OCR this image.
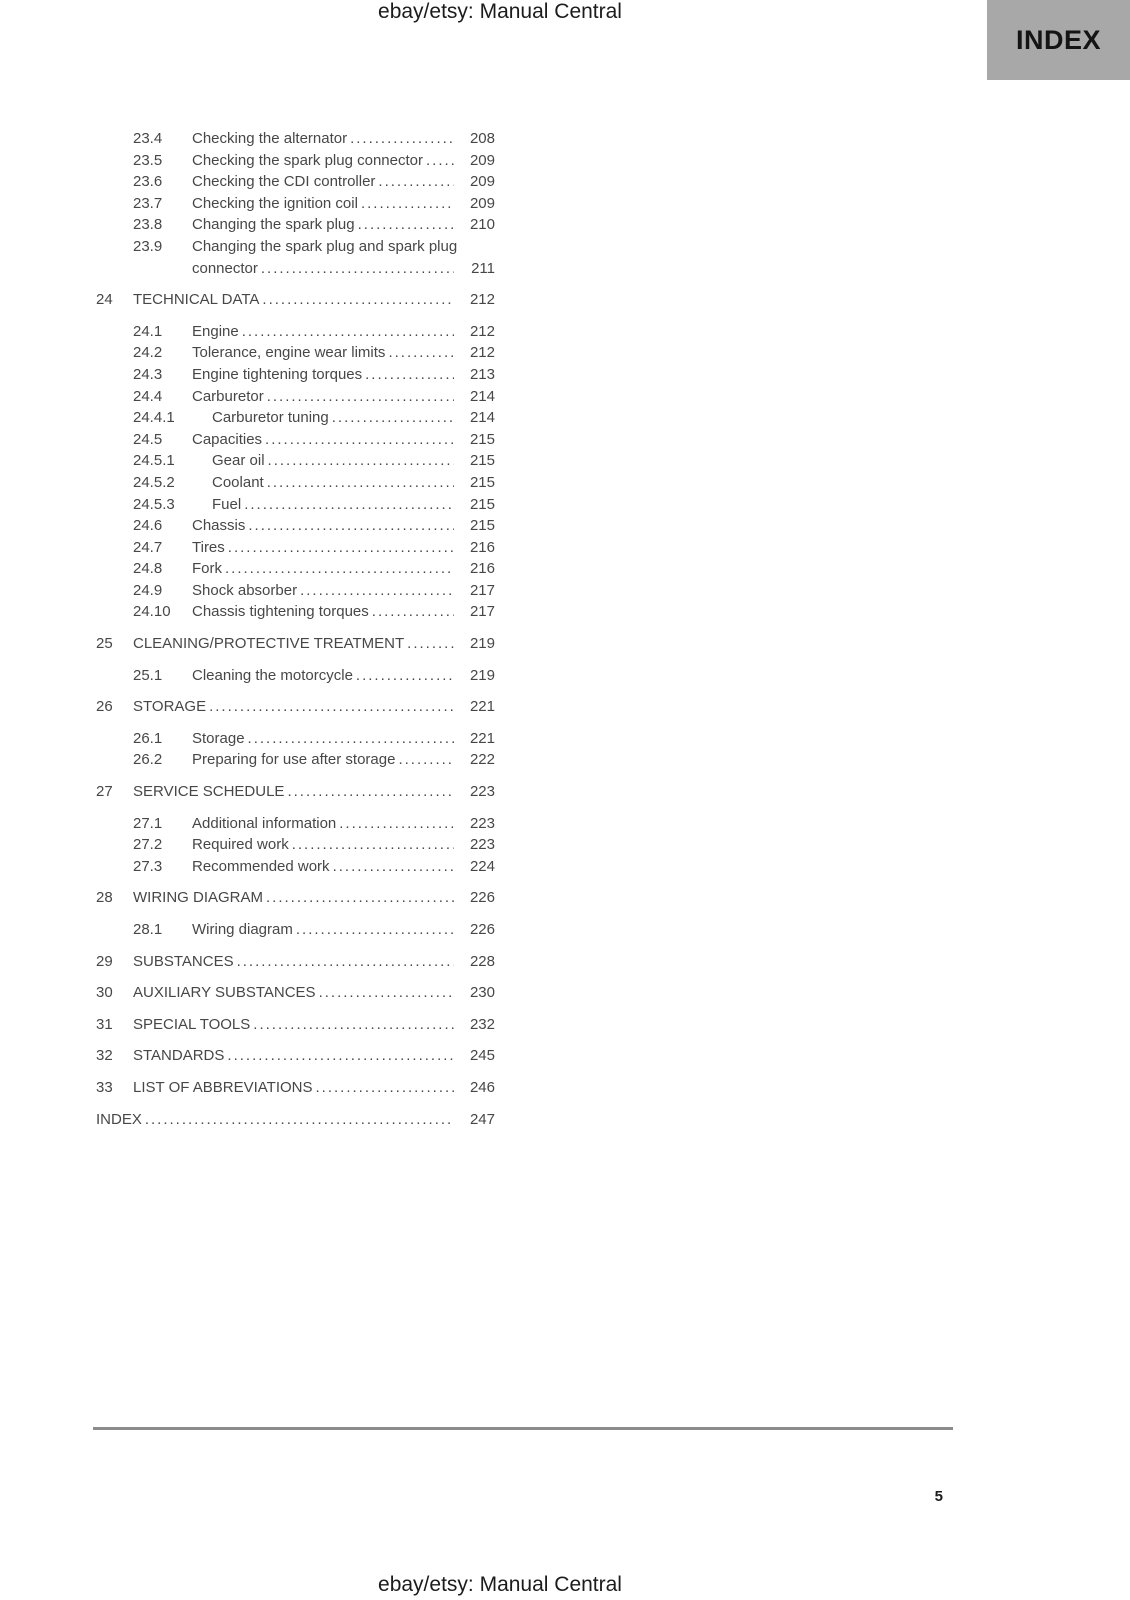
ebay/etsy: Manual Central
INDEX
23.4	Checking the alternator .....	208
23.5	Checking the spark plug connector .....	209
23.6	Checking the CDI controller .....	209
23.7	Checking the ignition coil .....	209
23.8	Changing the spark plug .....	210
23.9	Changing the spark plug and spark plug
connector .....	211
24	TECHNICAL DATA .....	212
24.1	Engine .....	212
24.2	Tolerance, engine wear limits .....	212
24.3	Engine tightening torques .....	213
24.4	Carburetor .....	214
24.4.1	Carburetor tuning .....	214
24.5	Capacities .....	215
24.5.1	Gear oil .....	215
24.5.2	Coolant .....	215
24.5.3	Fuel .....	215
24.6	Chassis .....	215
24.7	Tires .....	216
24.8	Fork .....	216
24.9	Shock absorber .....	217
24.10	Chassis tightening torques .....	217
25	CLEANING/PROTECTIVE TREATMENT .....	219
25.1	Cleaning the motorcycle .....	219
26	STORAGE .....	221
26.1	Storage .....	221
26.2	Preparing for use after storage .....	222
27	SERVICE SCHEDULE .....	223
27.1	Additional information .....	223
27.2	Required work .....	223
27.3	Recommended work .....	224
28	WIRING DIAGRAM .....	226
28.1	Wiring diagram .....	226
29	SUBSTANCES .....	228
30	AUXILIARY SUBSTANCES .....	230
31	SPECIAL TOOLS .....	232
32	STANDARDS .....	245
33	LIST OF ABBREVIATIONS .....	246
INDEX .....	247
5
ebay/etsy: Manual Central
